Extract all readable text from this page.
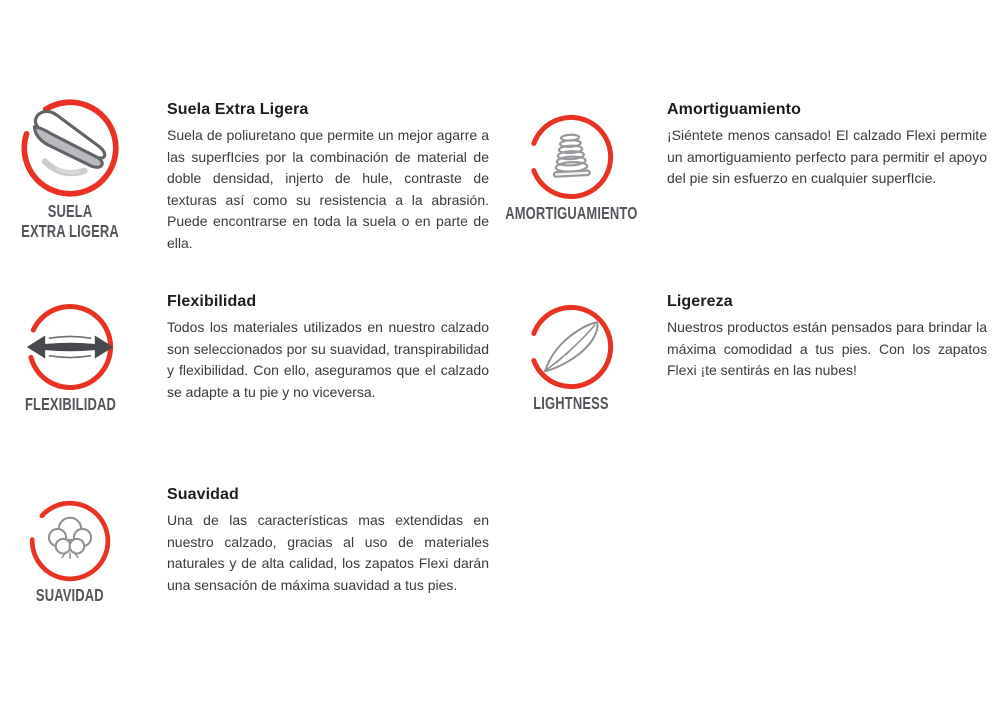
SUELA
EXTRA LIGERA
Suela Extra Ligera

Suela de poliuretano que permite un mejor agarre a las superfIcies por la combinación de material de doble densidad, injerto de hule, contraste de texturas así como su resistencia a la abrasión. Puede encontrarse en toda la suela o en parte de ella.

AMORTIGUAMIENTO
Amortiguamiento

¡Siéntete menos cansado! El calzado Flexi permite un amortiguamiento perfecto para permitir el apoyo del pie sin esfuerzo en cualquier superfIcie.

FLEXIBILIDAD
Flexibilidad

Todos los materiales utilizados en nuestro calzado son seleccionados por su suavidad, transpirabilidad y flexibilidad. Con ello, aseguramos que el calzado se adapte a tu pie y no viceversa.

LIGHTNESS
Ligereza

Nuestros productos están pensados para brindar la máxima comodidad a tus pies. Con los zapatos Flexi ¡te sentirás en las nubes!

SUAVIDAD
Suavidad

Una de las características mas extendidas en nuestro calzado, gracias al uso de materiales naturales y de alta calidad, los zapatos Flexi darán una sensación de máxima suavidad a tus pies.
